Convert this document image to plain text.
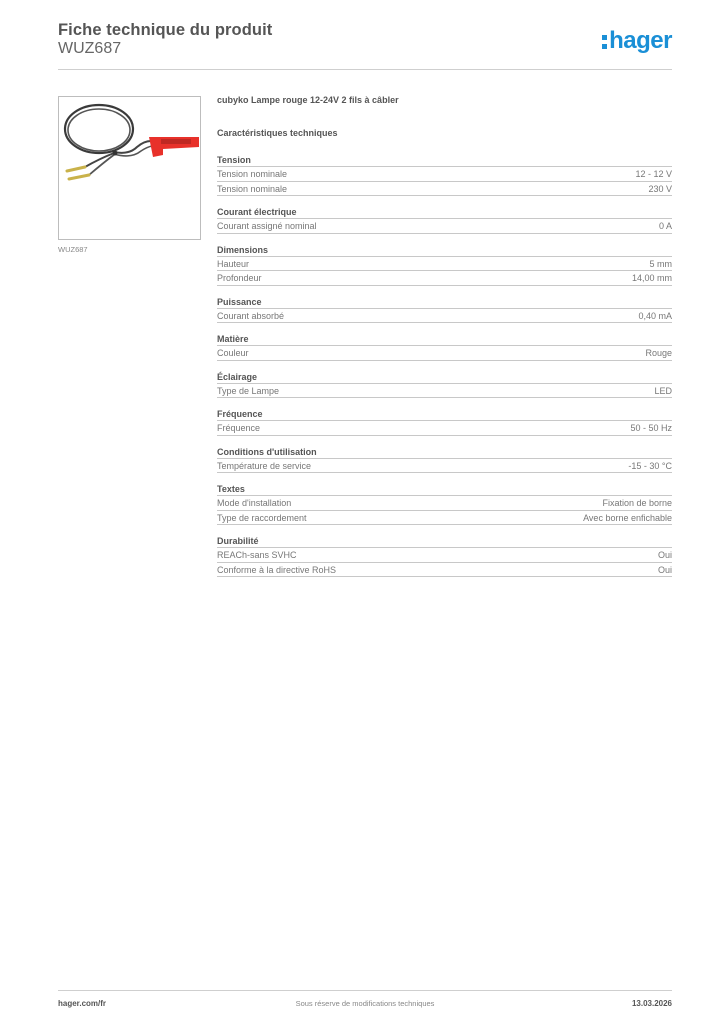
Fiche technique du produit
WUZ687	hager
WUZ687
cubyko Lampe rouge 12-24V 2 fils à câbler
Caractéristiques techniques
Tension
Tension nominale	12 - 12 V
Tension nominale	230 V
Courant électrique
Courant assigné nominal	0 A
Dimensions
Hauteur	5 mm
Profondeur	14,00 mm
Puissance
Courant absorbé	0,40 mA
Matière
Couleur	Rouge
Éclairage
Type de Lampe	LED
Fréquence
Fréquence	50 - 50 Hz
Conditions d'utilisation
Température de service	-15 - 30 °C
Textes
Mode d'installation	Fixation de borne
Type de raccordement	Avec borne enfichable
Durabilité
REACh-sans SVHC	Oui
Conforme à la directive RoHS	Oui
hager.com/fr	Sous réserve de modifications techniques	13.03.2026
